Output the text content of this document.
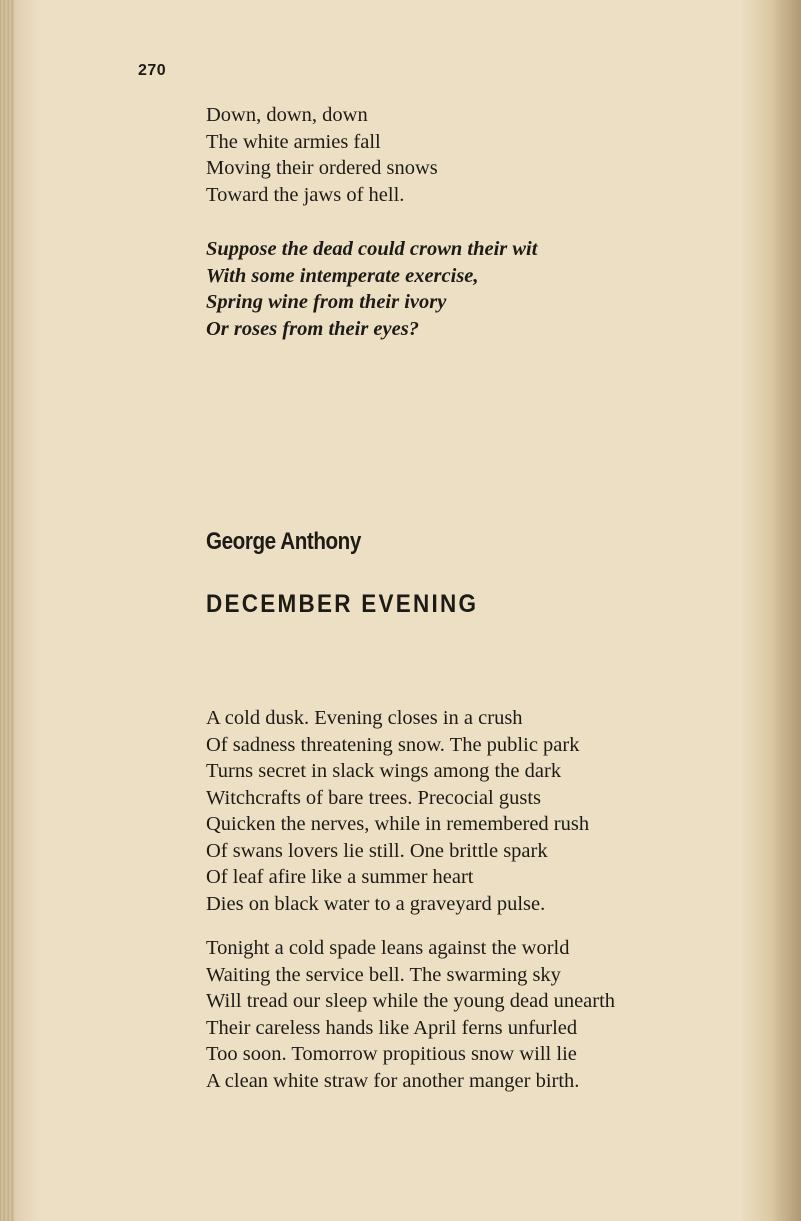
270
Down, down, down
The white armies fall
Moving their ordered snows
Toward the jaws of hell.
Suppose the dead could crown their wit
With some intemperate exercise,
Spring wine from their ivory
Or roses from their eyes?
George Anthony
DECEMBER EVENING
A cold dusk. Evening closes in a crush
Of sadness threatening snow. The public park
Turns secret in slack wings among the dark
Witchcrafts of bare trees. Precocial gusts
Quicken the nerves, while in remembered rush
Of swans lovers lie still. One brittle spark
Of leaf afire like a summer heart
Dies on black water to a graveyard pulse.
Tonight a cold spade leans against the world
Waiting the service bell. The swarming sky
Will tread our sleep while the young dead unearth
Their careless hands like April ferns unfurled
Too soon. Tomorrow propitious snow will lie
A clean white straw for another manger birth.
